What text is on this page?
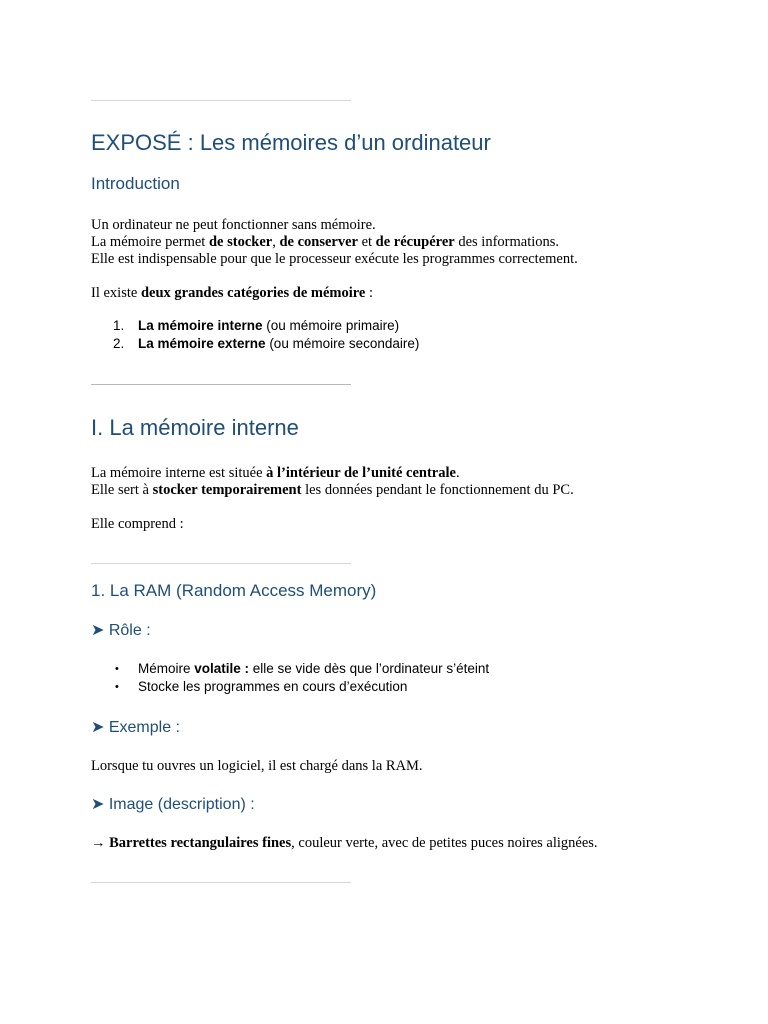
EXPOSÉ : Les mémoires d’un ordinateur
Introduction

Un ordinateur ne peut fonctionner sans mémoire.

La mémoire permet de stocker, de conserver et de récupérer des informations.

Elle est indispensable pour que le processeur exécute les programmes correctement.

Il existe deux grandes catégories de mémoire :

1. La mémoire interne (ou mémoire primaire)
2. La mémoire externe (ou mémoire secondaire)
I. La mémoire interne

La mémoire interne est située à l’intérieur de l’unité centrale.

Elle sert à stocker temporairement les données pendant le fonctionnement du PC.

Elle comprend :

1. La RAM (Random Access Memory)
➤ Rôle :
• Mémoire volatile : elle se vide dès que l’ordinateur s’éteint
• Stocke les programmes en cours d’exécution
➤ Exemple :

Lorsque tu ouvres un logiciel, il est chargé dans la RAM.

➤ Image (description) :

→ Barrettes rectangulaires fines, couleur verte, avec de petites puces noires alignées.
